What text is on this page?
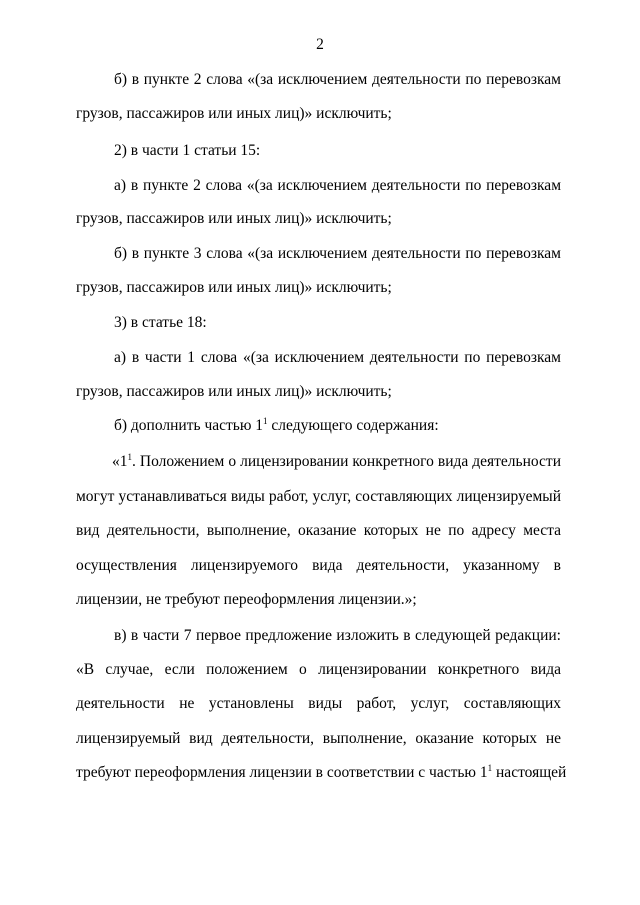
2
б) в пункте 2 слова «(за исключением деятельности по перевозкам
грузов, пассажиров или иных лиц)» исключить;
2) в части 1 статьи 15:
а) в пункте 2 слова «(за исключением деятельности по перевозкам
грузов, пассажиров или иных лиц)» исключить;
б) в пункте 3 слова «(за исключением деятельности по перевозкам
грузов, пассажиров или иных лиц)» исключить;
3) в статье 18:
а) в части 1 слова «(за исключением деятельности по перевозкам
грузов, пассажиров или иных лиц)» исключить;
б) дополнить частью $1^1$ следующего содержания:
«$1^1$. Положением о лицензировании конкретного вида деятельности
могут устанавливаться виды работ, услуг, составляющих лицензируемый
вид деятельности, выполнение, оказание которых не по адресу места
осуществления лицензируемого вида деятельности, указанному в
лицензии, не требуют переоформления лицензии.»;
в) в части 7 первое предложение изложить в следующей редакции:
«В случае, если положением о лицензировании конкретного вида
деятельности не установлены виды работ, услуг, составляющих
лицензируемый вид деятельности, выполнение, оказание которых не
требуют переоформления лицензии в соответствии с частью $1^1$ настоящей
